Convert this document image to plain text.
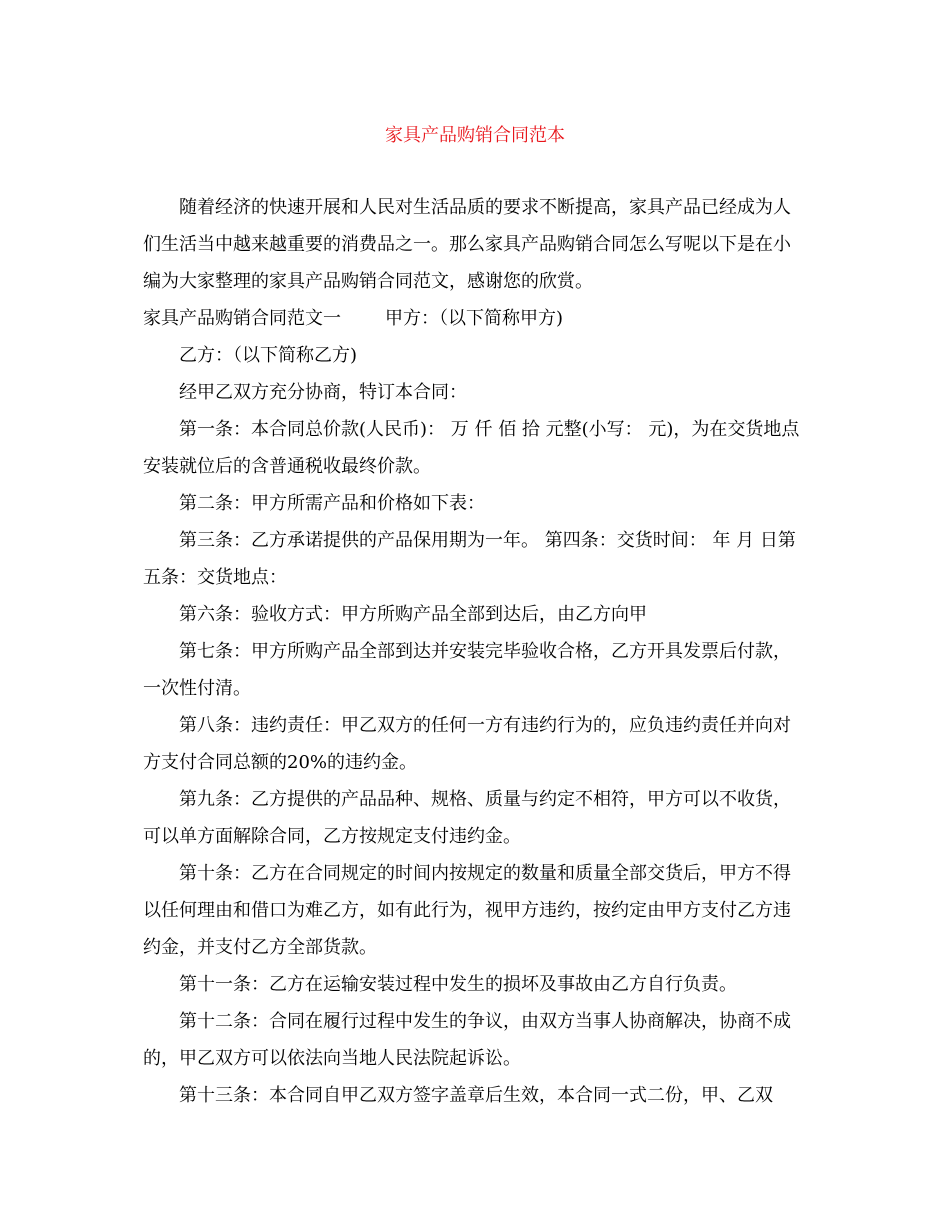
家具产品购销合同范本

随着经济的快速开展和人民对生活品质的要求不断提高，家具产品已经成为人们生活当中越来越重要的消费品之一。那么家具产品购销合同怎么写呢以下是在小编为大家整理的家具产品购销合同范文，感谢您的欣赏。

家具产品购销合同范文一 甲方：（以下简称甲方)

乙方：（以下简称乙方)

经甲乙双方充分协商，特订本合同：

第一条：本合同总价款(人民币)： 万 仟 佰 拾 元整(小写： 元)，为在交货地点安装就位后的含普通税收最终价款。

第二条：甲方所需产品和价格如下表：

第三条：乙方承诺提供的产品保用期为一年。 第四条：交货时间： 年 月 日第五条：交货地点：

第六条：验收方式：甲方所购产品全部到达后，由乙方向甲

第七条：甲方所购产品全部到达并安装完毕验收合格，乙方开具发票后付款，一次性付清。

第八条：违约责任：甲乙双方的任何一方有违约行为的，应负违约责任并向对方支付合同总额的20%的违约金。

第九条：乙方提供的产品品种、规格、质量与约定不相符，甲方可以不收货，可以单方面解除合同，乙方按规定支付违约金。

第十条：乙方在合同规定的时间内按规定的数量和质量全部交货后，甲方不得以任何理由和借口为难乙方，如有此行为，视甲方违约，按约定由甲方支付乙方违约金，并支付乙方全部货款。

第十一条：乙方在运输安装过程中发生的损坏及事故由乙方自行负责。

第十二条：合同在履行过程中发生的争议，由双方当事人协商解决，协商不成的，甲乙双方可以依法向当地人民法院起诉讼。

第十三条：本合同自甲乙双方签字盖章后生效，本合同一式二份，甲、乙双
